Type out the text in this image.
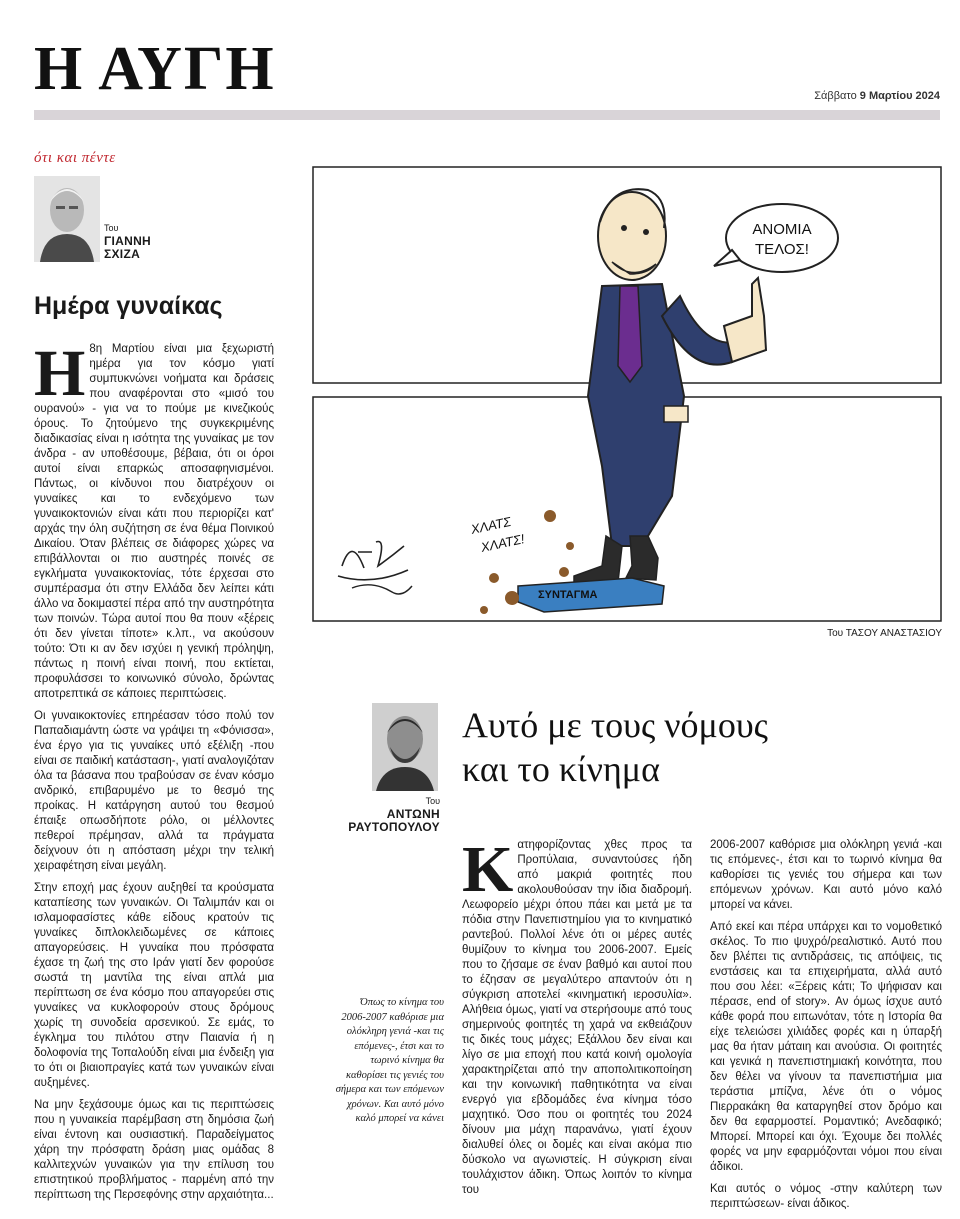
Η ΑΥΓΗ	Σάββατο 9 Μαρτίου 2024
ότι και πέντε
Του
ΓΙΑΝΝΗ
ΣΧΙΖΑ
Ημέρα γυναίκας

Η 8η Μαρτίου είναι μια ξεχωριστή ημέρα για τον κόσμο γιατί συμπυκνώνει νοήματα και δράσεις που αναφέρονται στο «μισό του ουρανού» - για να το πούμε με κινεζικούς όρους. Το ζητούμενο της συγκεκριμένης διαδικασίας είναι η ισότητα της γυναίκας με τον άνδρα - αν υποθέσουμε, βέβαια, ότι οι όροι αυτοί είναι επαρκώς αποσαφηνισμένοι. Πάντως, οι κίνδυνοι που διατρέχουν οι γυναίκες και το ενδεχόμενο των γυναικοκτονιών είναι κάτι που περιορίζει κατ' αρχάς την όλη συζήτηση σε ένα θέμα Ποινικού Δικαίου. Όταν βλέπεις σε διάφορες χώρες να επιβάλλονται οι πιο αυστηρές ποινές σε εγκλήματα γυναικοκτονίας, τότε έρχεσαι στο συμπέρασμα ότι στην Ελλάδα δεν λείπει κάτι άλλο να δοκιμαστεί πέρα από την αυστηρότητα των ποινών. Τώρα αυτοί που θα πουν «ξέρεις ότι δεν γίνεται τίποτε» κ.λπ., να ακούσουν τούτο: Ότι κι αν δεν ισχύει η γενική πρόληψη, πάντως η ποινή είναι ποινή, που εκτίεται, προφυλάσσει το κοινωνικό σύνολο, δρώντας αποτρεπτικά σε κάποιες περιπτώσεις.

Οι γυναικοκτονίες επηρέασαν τόσο πολύ τον Παπαδιαμάντη ώστε να γράψει τη «Φόνισσα», ένα έργο για τις γυναίκες υπό εξέλιξη -που είναι σε παιδική κατάσταση-, γιατί αναλογιζόταν όλα τα βάσανα που τραβούσαν σε έναν κόσμο ανδρικό, επιβαρυμένο με το θεσμό της προίκας. Η κατάργηση αυτού του θεσμού έπαιξε οπωσδήποτε ρόλο, οι μέλλοντες πεθεροί πρέμησαν, αλλά τα πράγματα δείχνουν ότι η απόσταση μέχρι την τελική χειραφέτηση είναι μεγάλη.

Στην εποχή μας έχουν αυξηθεί τα κρούσματα καταπίεσης των γυναικών. Οι Ταλιμπάν και οι ισλαμοφασίστες κάθε είδους κρατούν τις γυναίκες διπλοκλειδωμένες σε κάποιες απαγορεύσεις. Η γυναίκα που πρόσφατα έχασε τη ζωή της στο Ιράν γιατί δεν φορούσε σωστά τη μαντίλα της είναι απλά μια περίπτωση σε ένα κόσμο που απαγορεύει στις γυναίκες να κυκλοφορούν στους δρόμους χωρίς τη συνοδεία αρσενικού. Σε εμάς, το έγκλημα του πιλότου στην Παιανία ή η δολοφονία της Τοπαλούδη είναι μια ένδειξη για το ότι οι βιαιοπραγίες κατά των γυναικών είναι αυξημένες.

Να μην ξεχάσουμε όμως και τις περιπτώσεις που η γυναικεία παρέμβαση στη δημόσια ζωή είναι έντονη και ουσιαστική. Παραδείγματος χάρη την πρόσφατη δράση μιας ομάδας 8 καλλιτεχνών γυναικών για την επίλυση του επιστητικού προβλήματος - παρμένη από την περίπτωση της Περσεφόνης στην αρχαιότητα...

ΣΥΝΤΑΓΜΑ
ΑΝΟΜΙΑ
ΤΕΛΟΣ!
ΧΛΑΤΣ
ΧΛΑΤΣ!
Του ΤΑΣΟΥ ΑΝΑΣΤΑΣΙΟΥ
Αυτό με τους νόμους
και το κίνημα
Του
ΑΝΤΩΝΗ
ΡΑΥΤΟΠΟΥΛΟΥ
Όπως το κίνημα του 2006-2007 καθόρισε μια ολόκληρη γενιά -και τις επόμενες-, έτσι και το τωρινό κίνημα θα καθορίσει τις γενιές του σήμερα και των επόμενων χρόνων. Και αυτό μόνο καλό μπορεί να κάνει

Κατηφορίζοντας χθες προς τα Προπύλαια, συναντούσες ήδη από μακριά φοιτητές που ακολουθούσαν την ίδια διαδρομή. Λεωφορείο μέχρι όπου πάει και μετά με τα πόδια στην Πανεπιστημίου για το κινηματικό ραντεβού. Πολλοί λένε ότι οι μέρες αυτές θυμίζουν το κίνημα του 2006-2007. Εμείς που το ζήσαμε σε έναν βαθμό και αυτοί που το έζησαν σε μεγαλύτερο απαντούν ότι η σύγκριση αποτελεί «κινηματική ιεροσυλία». Αλήθεια όμως, γιατί να στερήσουμε από τους σημερινούς φοιτητές τη χαρά να εκθειάζουν τις δικές τους μάχες; Εξάλλου δεν είναι και λίγο σε μια εποχή που κατά κοινή ομολογία χαρακτηρίζεται από την αποπολιτικοποίηση και την κοινωνική παθητικότητα να είναι ενεργό για εβδομάδες ένα κίνημα τόσο μαχητικό. Όσο που οι φοιτητές του 2024 δίνουν μια μάχη παρανάνω, γιατί έχουν διαλυθεί όλες οι δομές και είναι ακόμα πιο δύσκολο να αγωνιστείς. Η σύγκριση είναι τουλάχιστον άδικη. Όπως λοιπόν το κίνημα του

2006-2007 καθόρισε μια ολόκληρη γενιά -και τις επόμενες-, έτσι και το τωρινό κίνημα θα καθορίσει τις γενιές του σήμερα και των επόμενων χρόνων. Και αυτό μόνο καλό μπορεί να κάνει.

Από εκεί και πέρα υπάρχει και το νομοθετικό σκέλος. Το πιο ψυχρό/ρεαλιστικό. Αυτό που δεν βλέπει τις αντιδράσεις, τις απόψεις, τις ενστάσεις και τα επιχειρήματα, αλλά αυτό που σου λέει: «Ξέρεις κάτι; Το ψήφισαν και πέρασε, end of story». Αν όμως ίσχυε αυτό κάθε φορά που ειπωνόταν, τότε η Ιστορία θα είχε τελειώσει χιλιάδες φορές και η ύπαρξή μας θα ήταν μάταιη και ανούσια. Οι φοιτητές και γενικά η πανεπιστημιακή κοινότητα, που δεν θέλει να γίνουν τα πανεπιστήμια μια τεράστια μπίζνα, λένε ότι ο νόμος Πιερρακάκη θα καταργηθεί στον δρόμο και δεν θα εφαρμοστεί. Ρομαντικό; Ανεδαφικό; Μπορεί. Μπορεί και όχι. Έχουμε δει πολλές φορές να μην εφαρμόζονται νόμοι που είναι άδικοι.

Και αυτός ο νόμος -στην καλύτερη των περιπτώσεων- είναι άδικος.
